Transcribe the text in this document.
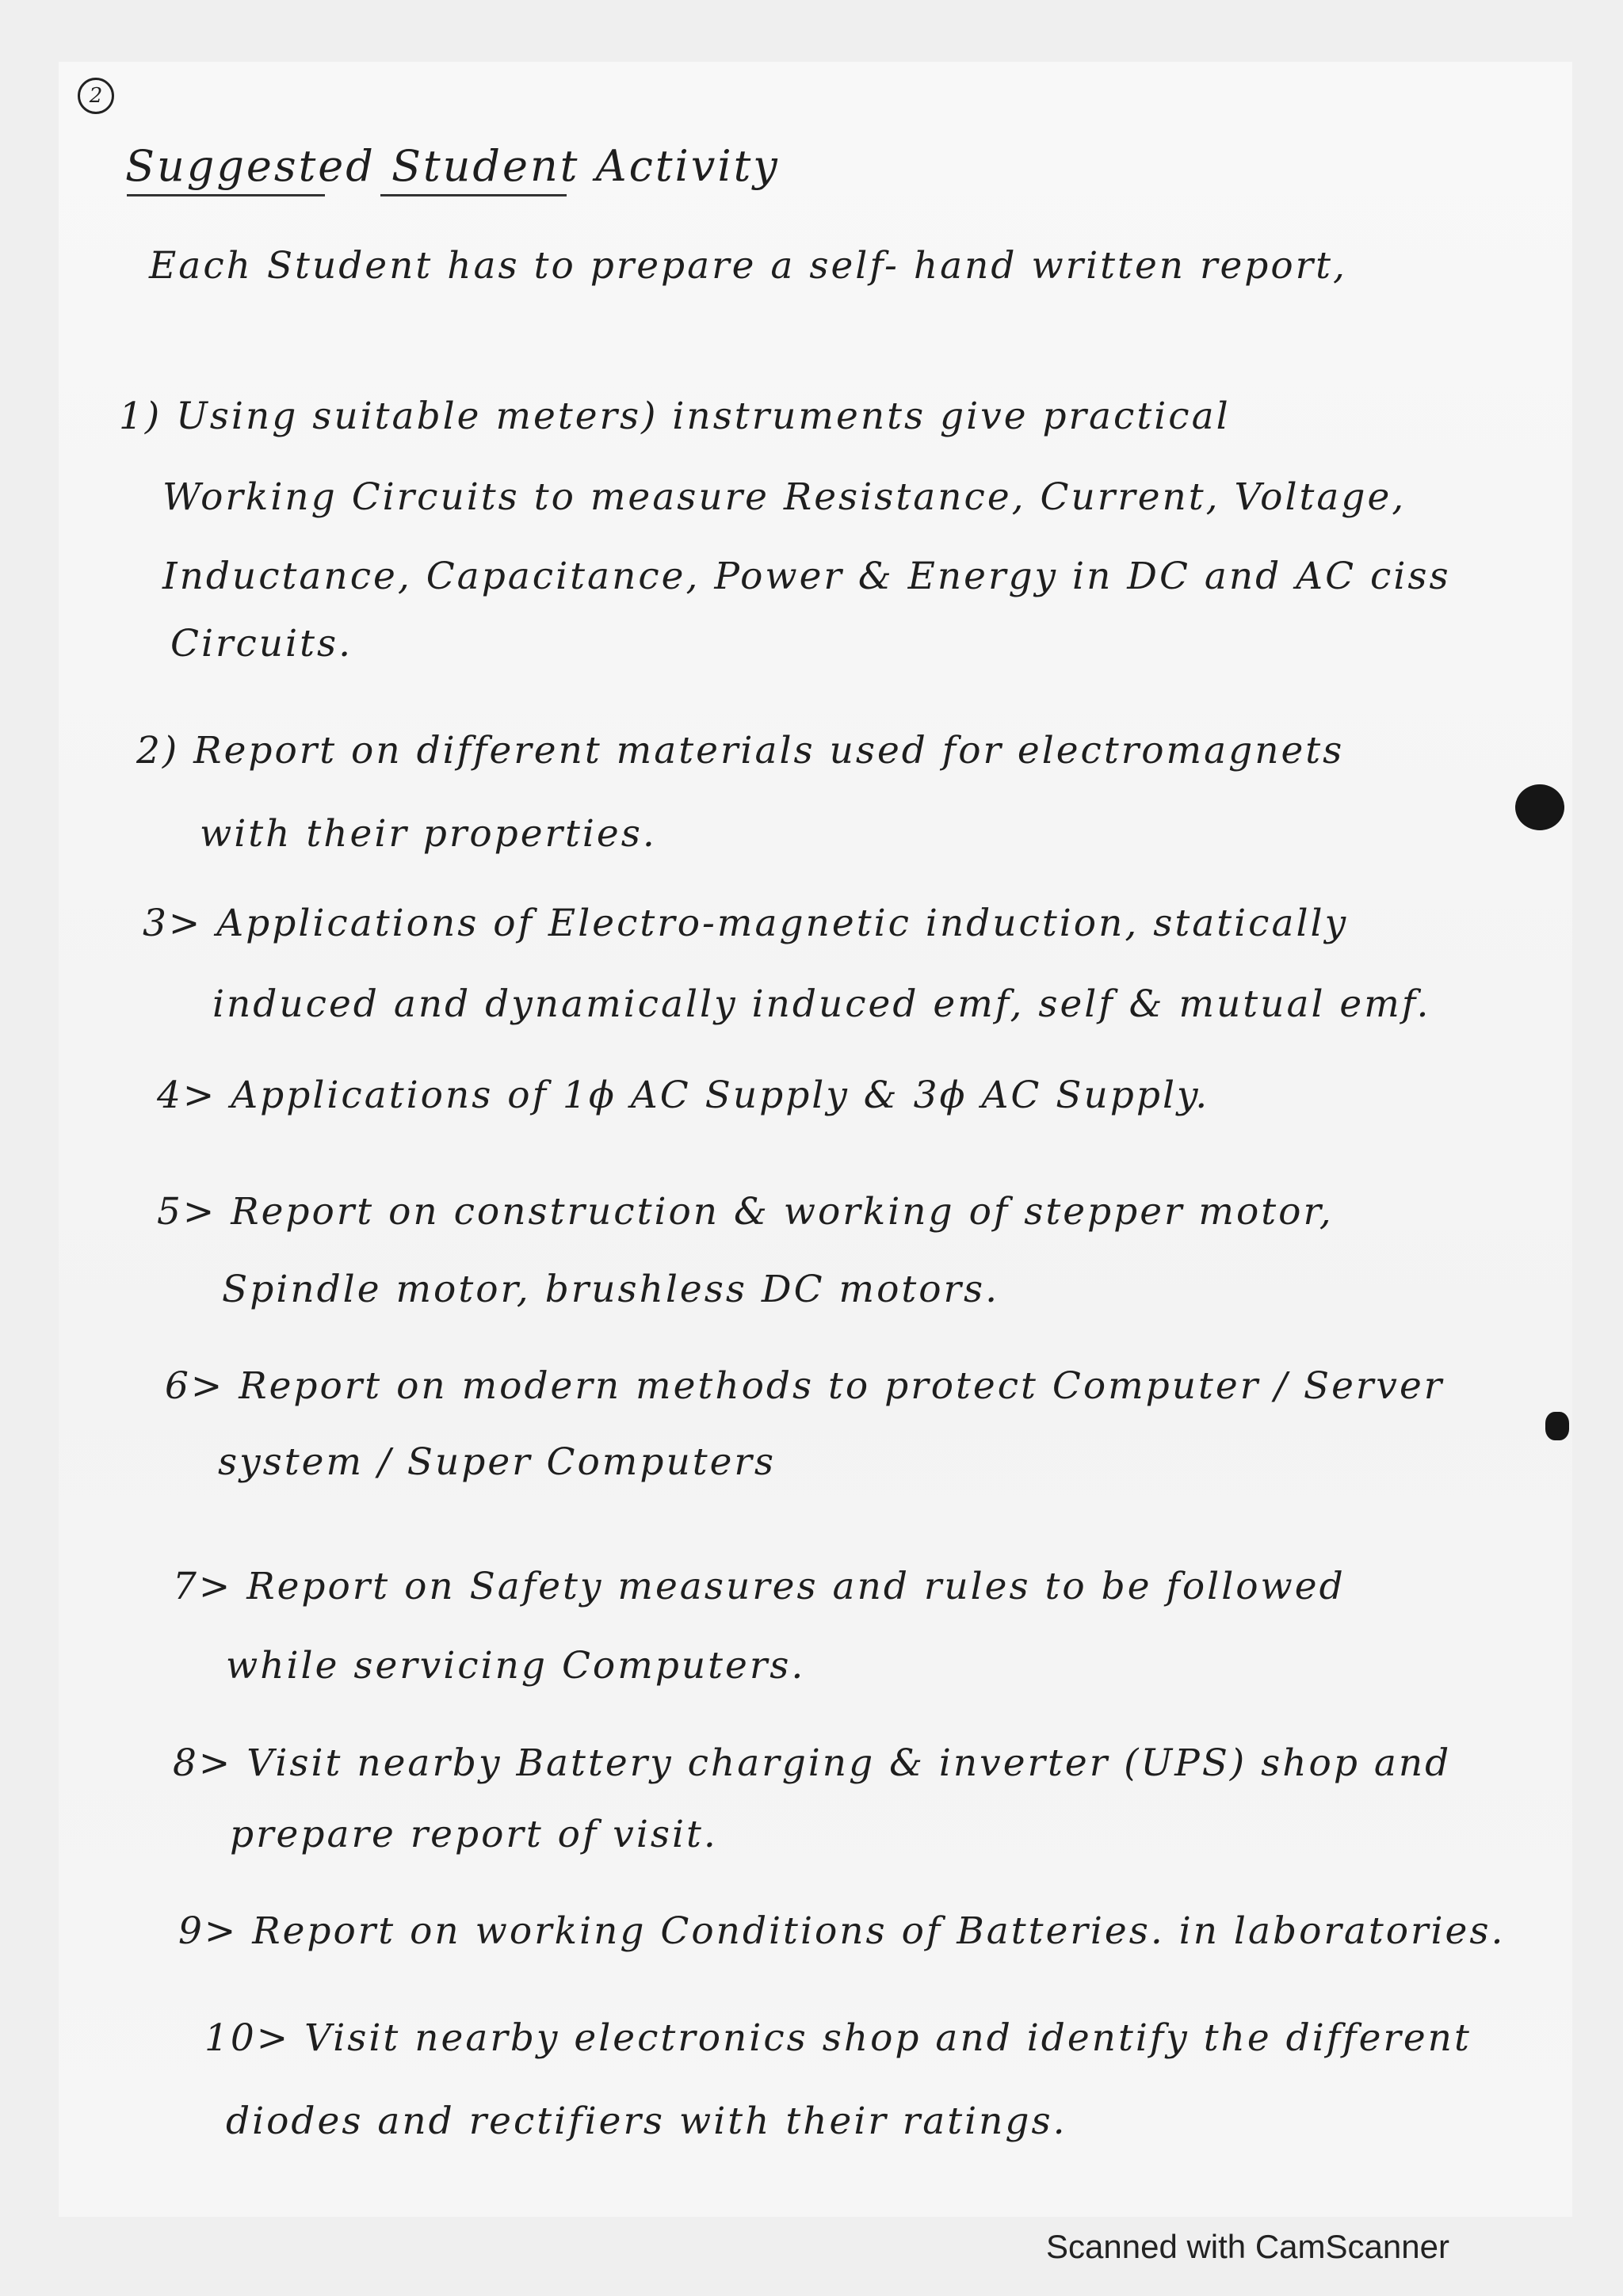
2
Suggested Student Activity
Each Student has to prepare a self- hand written report,
1) Using suitable meters) instruments give practical
Working Circuits to measure Resistance, Current, Voltage,
Inductance, Capacitance, Power & Energy in DC and AC ciss
Circuits.
2) Report on different materials used for electromagnets
with their properties.
3> Applications of Electro-magnetic induction, statically
induced and dynamically induced emf, self & mutual emf.
4> Applications of 1ϕ AC Supply & 3ϕ AC Supply.
5> Report on construction & working of stepper motor,
Spindle motor, brushless DC motors.
6> Report on modern methods to protect Computer / Server
system / Super Computers
7> Report on Safety measures and rules to be followed
while servicing Computers.
8> Visit nearby Battery charging & inverter (UPS) shop and
prepare report of visit.
9> Report on working Conditions of Batteries. in laboratories.
10> Visit nearby electronics shop and identify the different
diodes and rectifiers with their ratings.
Scanned with CamScanner
